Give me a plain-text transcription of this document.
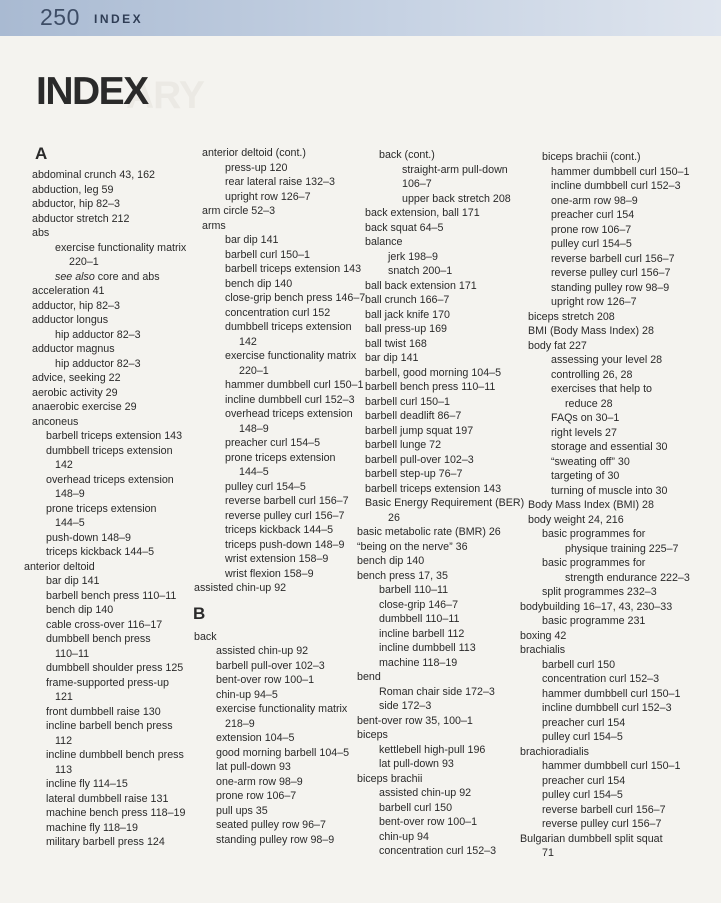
250 INDEX
ARY
INDEX
A
abdominal crunch 43, 162
abduction, leg 59
abductor, hip 82–3
abductor stretch 212
abs
exercise functionality matrix
220–1
see also core and abs
acceleration 41
adductor, hip 82–3
adductor longus
hip adductor 82–3
adductor magnus
hip adductor 82–3
advice, seeking 22
aerobic activity 29
anaerobic exercise 29
anconeus
barbell triceps extension 143
dumbbell triceps extension
142
overhead triceps extension
148–9
prone triceps extension
144–5
push-down 148–9
triceps kickback 144–5
anterior deltoid
bar dip 141
barbell bench press 110–11
bench dip 140
cable cross-over 116–17
dumbbell bench press
110–11
dumbbell shoulder press 125
frame-supported press-up
121
front dumbbell raise 130
incline barbell bench press
112
incline dumbbell bench press
113
incline fly 114–15
lateral dumbbell raise 131
machine bench press 118–19
machine fly 118–19
military barbell press 124
anterior deltoid (cont.)
press-up 120
rear lateral raise 132–3
upright row 126–7
arm circle 52–3
arms
bar dip 141
barbell curl 150–1
barbell triceps extension 143
bench dip 140
close-grip bench press 146–7
concentration curl 152
dumbbell triceps extension
142
exercise functionality matrix
220–1
hammer dumbbell curl 150–1
incline dumbbell curl 152–3
overhead triceps extension
148–9
preacher curl 154–5
prone triceps extension
144–5
pulley curl 154–5
reverse barbell curl 156–7
reverse pulley curl 156–7
triceps kickback 144–5
triceps push-down 148–9
wrist extension 158–9
wrist flexion 158–9
assisted chin-up 92
B
back
assisted chin-up 92
barbell pull-over 102–3
bent-over row 100–1
chin-up 94–5
exercise functionality matrix
218–9
extension 104–5
good morning barbell 104–5
lat pull-down 93
one-arm row 98–9
prone row 106–7
pull ups 35
seated pulley row 96–7
standing pulley row 98–9
back (cont.)
straight-arm pull-down
106–7
upper back stretch 208
back extension, ball 171
back squat 64–5
balance
jerk 198–9
snatch 200–1
ball back extension 171
ball crunch 166–7
ball jack knife 170
ball press-up 169
ball twist 168
bar dip 141
barbell, good morning 104–5
barbell bench press 110–11
barbell curl 150–1
barbell deadlift 86–7
barbell jump squat 197
barbell lunge 72
barbell pull-over 102–3
barbell step-up 76–7
barbell triceps extension 143
Basic Energy Requirement (BER)
26
basic metabolic rate (BMR) 26
“being on the nerve” 36
bench dip 140
bench press 17, 35
barbell 110–11
close-grip 146–7
dumbbell 110–11
incline barbell 112
incline dumbbell 113
machine 118–19
bend
Roman chair side 172–3
side 172–3
bent-over row 35, 100–1
biceps
kettlebell high-pull 196
lat pull-down 93
biceps brachii
assisted chin-up 92
barbell curl 150
bent-over row 100–1
chin-up 94
concentration curl 152–3
biceps brachii (cont.)
hammer dumbbell curl 150–1
incline dumbbell curl 152–3
one-arm row 98–9
preacher curl 154
prone row 106–7
pulley curl 154–5
reverse barbell curl 156–7
reverse pulley curl 156–7
standing pulley row 98–9
upright row 126–7
biceps stretch 208
BMI (Body Mass Index) 28
body fat 227
assessing your level 28
controlling 26, 28
exercises that help to
reduce 28
FAQs on 30–1
right levels 27
storage and essential 30
“sweating off” 30
targeting of 30
turning of muscle into 30
Body Mass Index (BMI) 28
body weight 24, 216
basic programmes for
physique training 225–7
basic programmes for
strength endurance 222–3
split programmes 232–3
bodybuilding 16–17, 43, 230–33
basic programme 231
boxing 42
brachialis
barbell curl 150
concentration curl 152–3
hammer dumbbell curl 150–1
incline dumbbell curl 152–3
preacher curl 154
pulley curl 154–5
brachioradialis
hammer dumbbell curl 150–1
preacher curl 154
pulley curl 154–5
reverse barbell curl 156–7
reverse pulley curl 156–7
Bulgarian dumbbell split squat
71
